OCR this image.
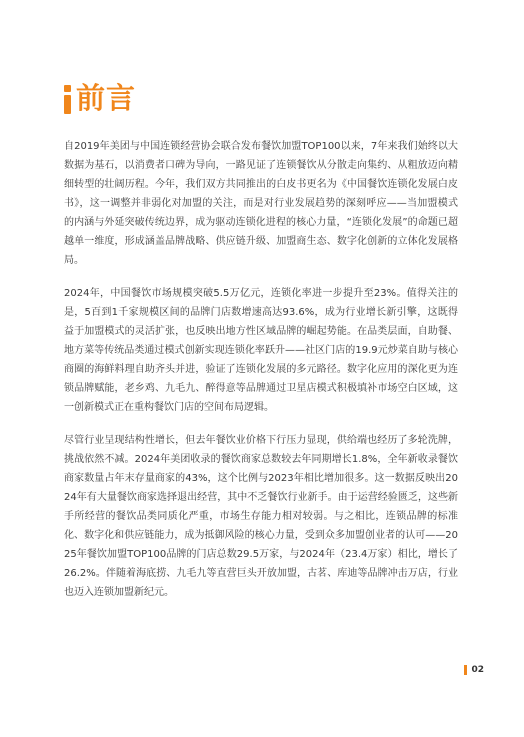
前言

自2019年美团与中国连锁经营协会联合发布餐饮加盟TOP100以来，7年来我们始终以大数据为基石，以消费者口碑为导向，一路见证了连锁餐饮从分散走向集约、从粗放迈向精细转型的壮阔历程。今年，我们双方共同推出的白皮书更名为《中国餐饮连锁化发展白皮书》，这一调整并非弱化对加盟的关注，而是对行业发展趋势的深刻呼应——当加盟模式的内涵与外延突破传统边界，成为驱动连锁化进程的核心力量，“连锁化发展”的命题已超越单一维度，形成涵盖品牌战略、供应链升级、加盟商生态、数字化创新的立体化发展格局。

2024年，中国餐饮市场规模突破5.5万亿元，连锁化率进一步提升至23%。值得关注的是，5百到1千家规模区间的品牌门店数增速高达93.6%，成为行业增长新引擎，这既得益于加盟模式的灵活扩张，也反映出地方性区域品牌的崛起势能。在品类层面，自助餐、地方菜等传统品类通过模式创新实现连锁化率跃升——社区门店的19.9元炒菜自助与核心商圈的海鲜料理自助齐头并进，验证了连锁化发展的多元路径。数字化应用的深化更为连锁品牌赋能，老乡鸡、九毛九、醉得意等品牌通过卫星店模式积极填补市场空白区域，这一创新模式正在重构餐饮门店的空间布局逻辑。

尽管行业呈现结构性增长，但去年餐饮业价格下行压力显现，供给端也经历了多轮洗牌，挑战依然不减。2024年美团收录的餐饮商家总数较去年同期增长1.8%，全年新收录餐饮商家数量占年末存量商家的43%，这个比例与2023年相比增加很多。这一数据反映出2024年有大量餐饮商家选择退出经营，其中不乏餐饮行业新手。由于运营经验匮乏，这些新手所经营的餐饮品类同质化严重，市场生存能力相对较弱。与之相比，连锁品牌的标准化、数字化和供应链能力，成为抵御风险的核心力量，受到众多加盟创业者的认可——2025年餐饮加盟TOP100品牌的门店总数29.5万家，与2024年（23.4万家）相比，增长了26.2%。伴随着海底捞、九毛九等直营巨头开放加盟，古茗、库迪等品牌冲击万店，行业也迈入连锁加盟新纪元。

02
